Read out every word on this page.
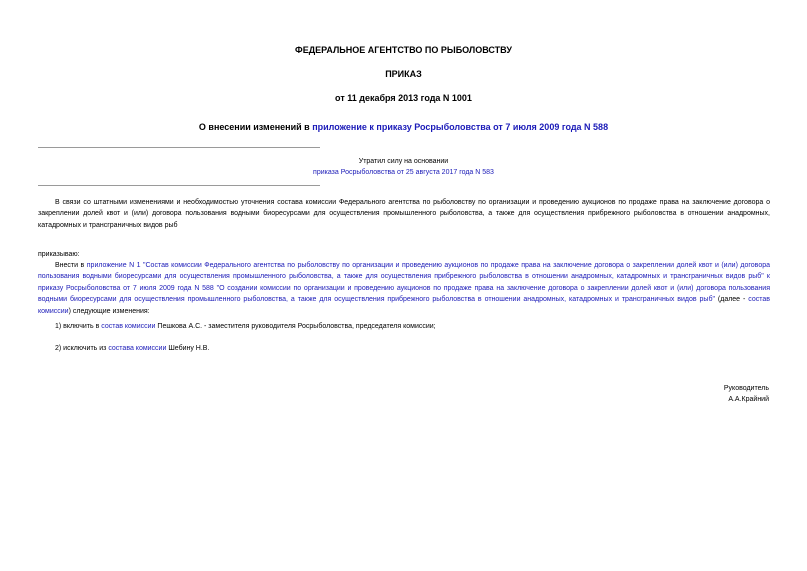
ФЕДЕРАЛЬНОЕ АГЕНТСТВО ПО РЫБОЛОВСТВУ
ПРИКАЗ
от 11 декабря 2013 года N 1001
О внесении изменений в приложение к приказу Росрыболовства от 7 июля 2009 года N 588
Утратил силу на основании
приказа Росрыболовства от 25 августа 2017 года N 583
В связи со штатными изменениями и необходимостью уточнения состава комиссии Федерального агентства по рыболовству по организации и проведению аукционов по продаже права на заключение договора о закреплении долей квот и (или) договора пользования водными биоресурсами для осуществления промышленного рыболовства, а также для осуществления прибрежного рыболовства в отношении анадромных, катадромных и трансграничных видов рыб
приказываю:
Внести в приложение N 1 "Состав комиссии Федерального агентства по рыболовству по организации и проведению аукционов по продаже права на заключение договора о закреплении долей квот и (или) договора пользования водными биоресурсами для осуществления промышленного рыболовства, а также для осуществления прибрежного рыболовства в отношении анадромных, катадромных и трансграничных видов рыб" к приказу Росрыболовства от 7 июля 2009 года N 588 "О создании комиссии по организации и проведению аукционов по продаже права на заключение договора о закреплении долей квот и (или) договора пользования водными биоресурсами для осуществления промышленного рыболовства, а также для осуществления прибрежного рыболовства в отношении анадромных, катадромных и трансграничных видов рыб" (далее - состав комиссии) следующие изменения:
1) включить в состав комиссии Пешкова А.С. - заместителя руководителя Росрыболовства, председателя комиссии;
2) исключить из состава комиссии Шебину Н.В.
Руководитель
А.А.Крайний
